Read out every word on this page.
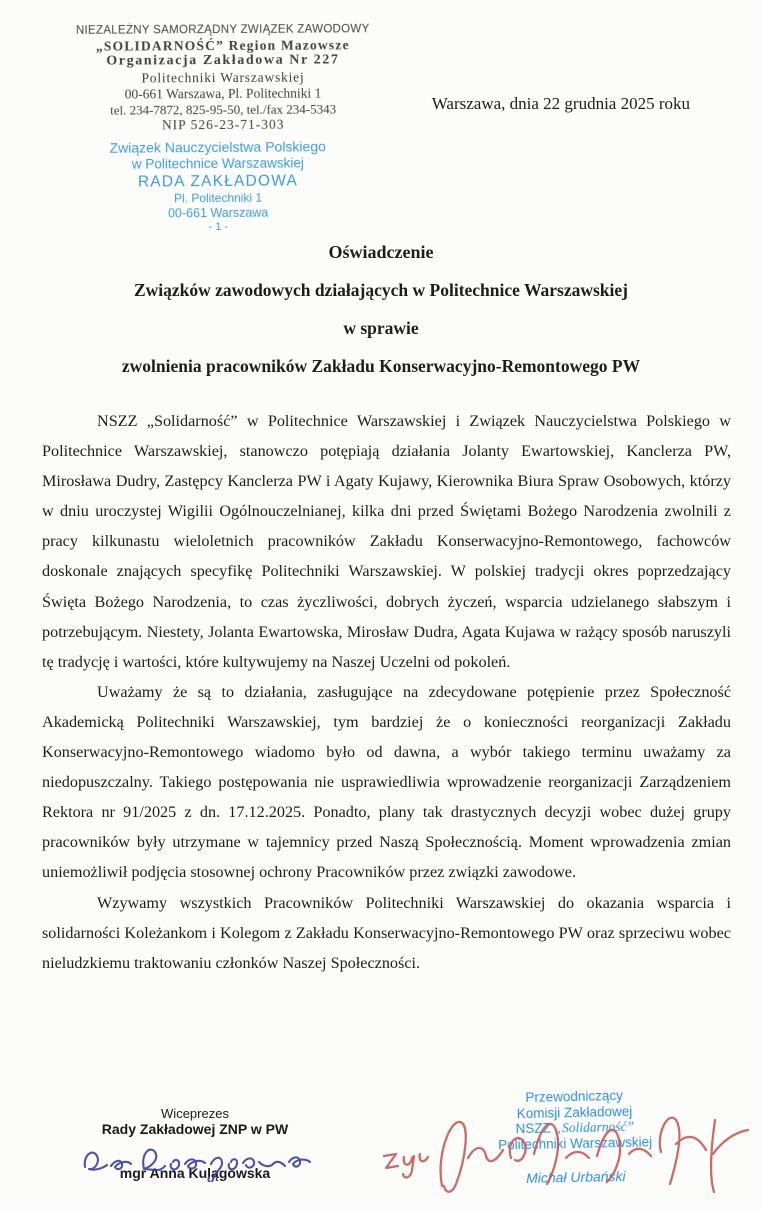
NIEZALEŻNY SAMORZĄDNY ZWIĄZEK ZAWODOWY
„SOLIDARNOŚĆ” Region Mazowsze
Organizacja Zakładowa Nr 227
Politechniki Warszawskiej
00-661 Warszawa, Pl. Politechniki 1
tel. 234-7872, 825-95-50, tel./fax 234-5343
NIP 526-23-71-303
Warszawa, dnia 22 grudnia 2025 roku
Związek Nauczycielstwa Polskiego
w Politechnice Warszawskiej
RADA ZAKŁADOWA
Pl. Politechniki 1
00-661 Warszawa
- 1 -
Oświadczenie
Związków zawodowych działających w Politechnice Warszawskiej
w sprawie
zwolnienia pracowników Zakładu Konserwacyjno-Remontowego PW

NSZZ „Solidarność” w Politechnice Warszawskiej i Związek Nauczycielstwa Polskiego w Politechnice Warszawskiej, stanowczo potępiają działania Jolanty Ewartowskiej, Kanclerza PW, Mirosława Dudry, Zastępcy Kanclerza PW i Agaty Kujawy, Kierownika Biura Spraw Osobowych, którzy w dniu uroczystej Wigilii Ogólnouczelnianej, kilka dni przed Świętami Bożego Narodzenia zwolnili z pracy kilkunastu wieloletnich pracowników Zakładu Konserwacyjno-Remontowego, fachowców doskonale znających specyfikę Politechniki Warszawskiej. W polskiej tradycji okres poprzedzający Święta Bożego Narodzenia, to czas życzliwości, dobrych życzeń, wsparcia udzielanego słabszym i potrzebującym. Niestety, Jolanta Ewartowska, Mirosław Dudra, Agata Kujawa w rażący sposób naruszyli tę tradycję i wartości, które kultywujemy na Naszej Uczelni od pokoleń.

Uważamy że są to działania, zasługujące na zdecydowane potępienie przez Społeczność Akademicką Politechniki Warszawskiej, tym bardziej że o konieczności reorganizacji Zakładu Konserwacyjno-Remontowego wiadomo było od dawna, a wybór takiego terminu uważamy za niedopuszczalny. Takiego postępowania nie usprawiedliwia wprowadzenie reorganizacji Zarządzeniem Rektora nr 91/2025 z dn. 17.12.2025. Ponadto, plany tak drastycznych decyzji wobec dużej grupy pracowników były utrzymane w tajemnicy przed Naszą Społecznością. Moment wprowadzenia zmian uniemożliwił podjęcia stosownej ochrony Pracowników przez związki zawodowe.

Wzywamy wszystkich Pracowników Politechniki Warszawskiej do okazania wsparcia i solidarności Koleżankom i Kolegom z Zakładu Konserwacyjno-Remontowego PW oraz sprzeciwu wobec nieludzkiemu traktowaniu członków Naszej Społeczności.

Wiceprezes
Rady Zakładowej ZNP w PW
mgr Anna Kulągowska
Przewodniczący
Komisji Zakładowej
NSZZ „Solidarność”
Politechniki Warszawskiej
Michał Urbański
